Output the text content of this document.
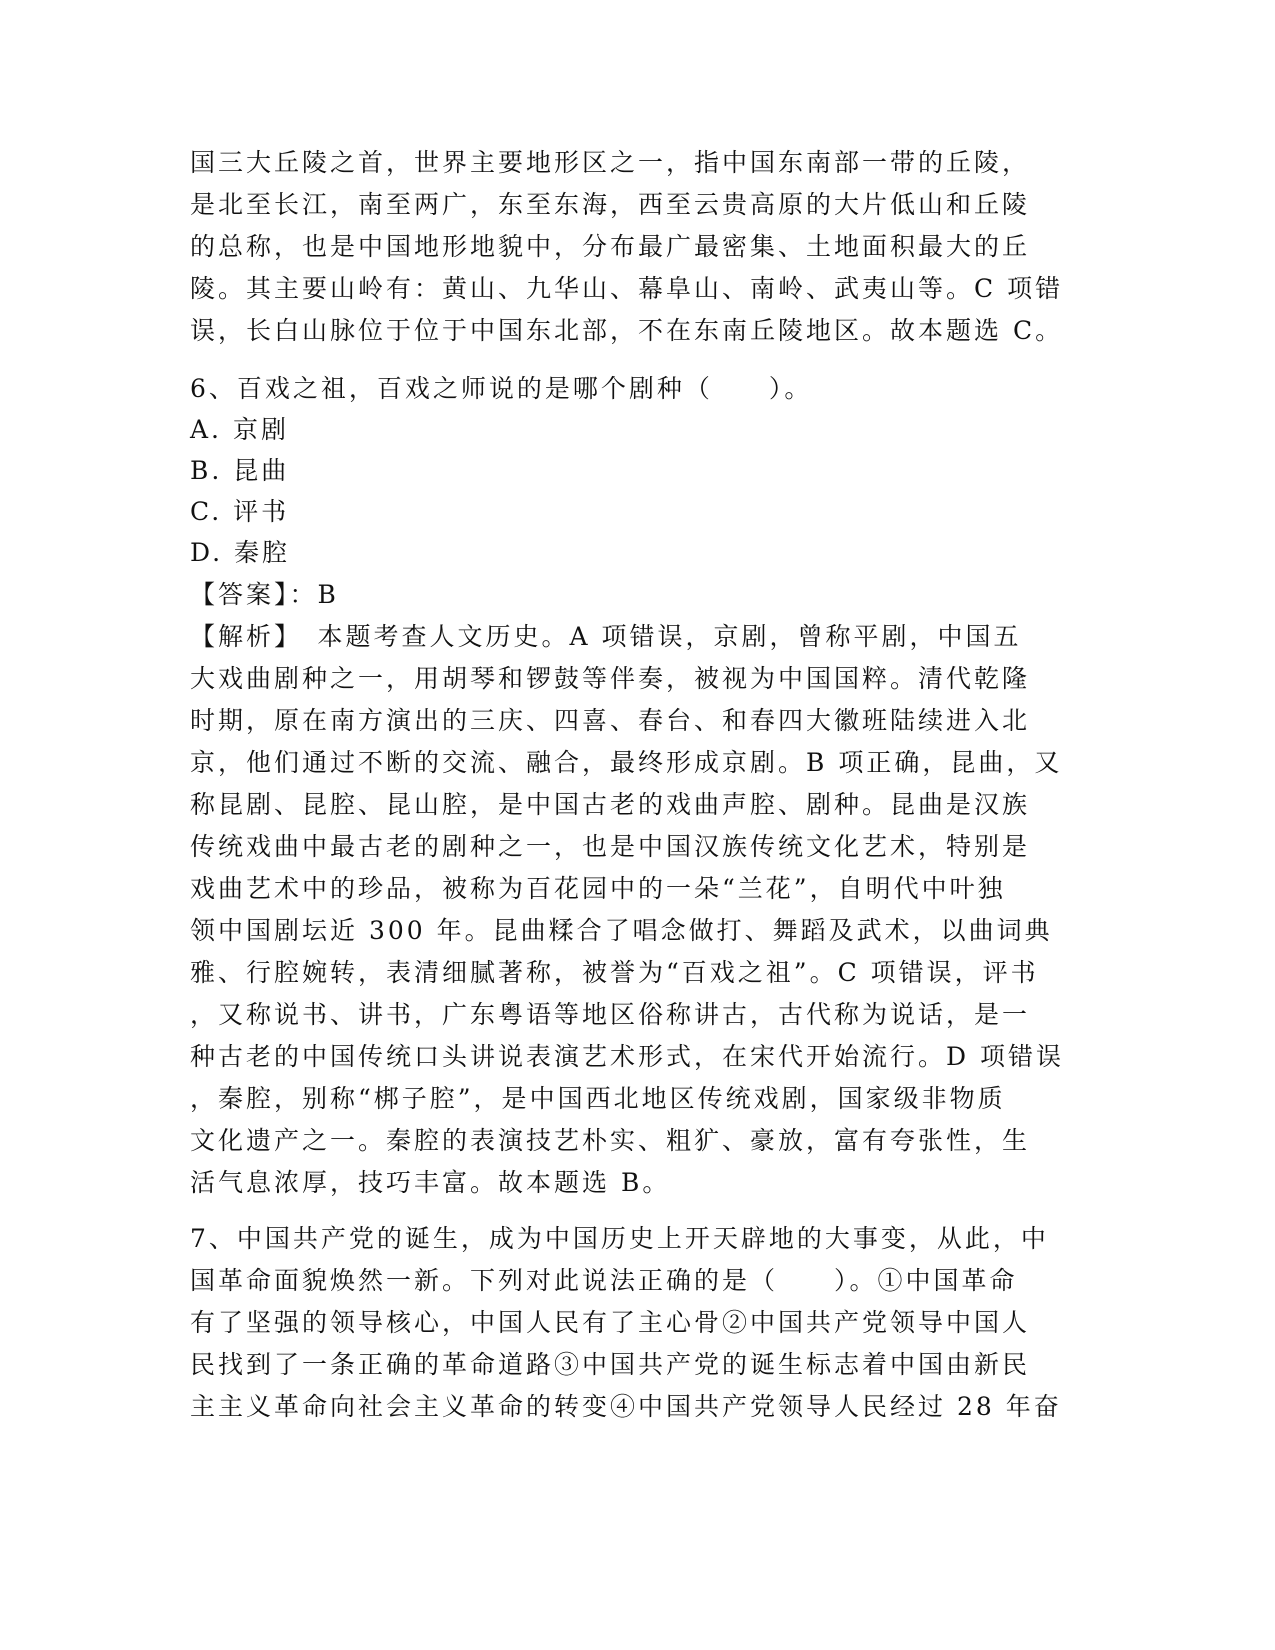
国三大丘陵之首，世界主要地形区之一，指中国东南部一带的丘陵，
是北至长江，南至两广，东至东海，西至云贵高原的大片低山和丘陵
的总称，也是中国地形地貌中，分布最广最密集、土地面积最大的丘
陵。其主要山岭有：黄山、九华山、幕阜山、南岭、武夷山等。C 项错
误，长白山脉位于位于中国东北部，不在东南丘陵地区。故本题选 C。
6、百戏之祖，百戏之师说的是哪个剧种（　　）。
A. 京剧
B. 昆曲
C. 评书
D. 秦腔
【答案】：B
【解析】　本题考查人文历史。A 项错误，京剧，曾称平剧，中国五
大戏曲剧种之一，用胡琴和锣鼓等伴奏，被视为中国国粹。清代乾隆
时期，原在南方演出的三庆、四喜、春台、和春四大徽班陆续进入北
京，他们通过不断的交流、融合，最终形成京剧。B 项正确，昆曲，又
称昆剧、昆腔、昆山腔，是中国古老的戏曲声腔、剧种。昆曲是汉族
传统戏曲中最古老的剧种之一，也是中国汉族传统文化艺术，特别是
戏曲艺术中的珍品，被称为百花园中的一朵“兰花”，自明代中叶独
领中国剧坛近 300 年。昆曲糅合了唱念做打、舞蹈及武术，以曲词典
雅、行腔婉转，表清细腻著称，被誉为“百戏之祖”。C 项错误，评书
，又称说书、讲书，广东粤语等地区俗称讲古，古代称为说话，是一
种古老的中国传统口头讲说表演艺术形式，在宋代开始流行。D 项错误
，秦腔，别称“梆子腔”，是中国西北地区传统戏剧，国家级非物质
文化遗产之一。秦腔的表演技艺朴实、粗犷、豪放，富有夸张性，生
活气息浓厚，技巧丰富。故本题选 B。
7、中国共产党的诞生，成为中国历史上开天辟地的大事变，从此，中
国革命面貌焕然一新。下列对此说法正确的是（　　）。①中国革命
有了坚强的领导核心，中国人民有了主心骨②中国共产党领导中国人
民找到了一条正确的革命道路③中国共产党的诞生标志着中国由新民
主主义革命向社会主义革命的转变④中国共产党领导人民经过 28 年奋
